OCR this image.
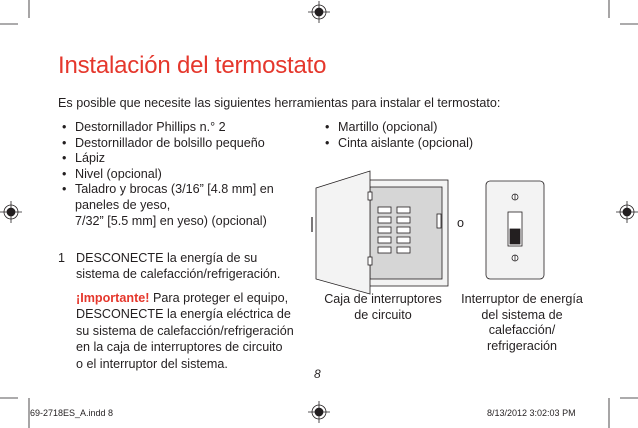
Instalación del termostato
Es posible que necesite las siguientes herramientas para instalar el termostato:
• Destornillador Phillips n.° 2
• Destornillador de bolsillo pequeño
• Lápiz
• Nivel (opcional)
• Taladro y brocas (3/16” [4.8 mm] en
paneles de yeso,
7/32” [5.5 mm] en yeso) (opcional)
• Martillo (opcional)
• Cinta aislante (opcional)
1 DESCONECTE la energía de su
sistema de calefacción/refrigeración.
¡Importante! Para proteger el equipo,
DESCONECTE la energía eléctrica de
su sistema de calefacción/refrigeración
en la caja de interruptores de circuito
o el interruptor del sistema.
o
Caja de interruptores
de circuito
Interruptor de energía
del sistema de
calefacción/
refrigeración
8
69-2718ES_A.indd 8	8/13/2012 3:02:03 PM
